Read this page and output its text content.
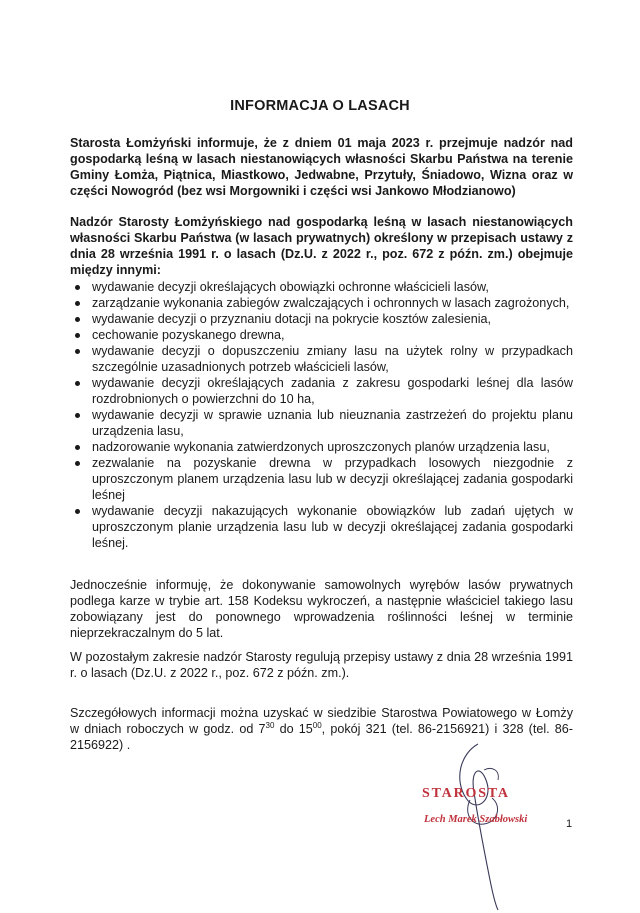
INFORMACJA O LASACH
Starosta Łomżyński informuje, że z dniem 01 maja 2023 r. przejmuje nadzór nad gospodarką leśną w lasach niestanowiących własności Skarbu Państwa na terenie Gminy Łomża, Piątnica, Miastkowo, Jedwabne, Przytuły, Śniadowo, Wizna oraz w części Nowogród (bez wsi Morgowniki i części wsi Jankowo Młodzianowo)
Nadzór Starosty Łomżyńskiego nad gospodarką leśną w lasach niestanowiących własności Skarbu Państwa (w lasach prywatnych) określony w przepisach ustawy z dnia 28 września 1991 r. o lasach (Dz.U. z 2022 r., poz. 672 z późn. zm.) obejmuje między innymi:
wydawanie decyzji określających obowiązki ochronne właścicieli lasów,
zarządzanie wykonania zabiegów zwalczających i ochronnych w lasach zagrożonych,
wydawanie decyzji o przyznaniu dotacji na pokrycie kosztów zalesienia,
cechowanie pozyskanego drewna,
wydawanie decyzji o dopuszczeniu zmiany lasu na użytek rolny w przypadkach szczególnie uzasadnionych potrzeb właścicieli lasów,
wydawanie decyzji określających zadania z zakresu gospodarki leśnej dla lasów rozdrobnionych o powierzchni do 10 ha,
wydawanie decyzji w sprawie uznania lub nieuznania zastrzeżeń do projektu planu urządzenia lasu,
nadzorowanie wykonania zatwierdzonych uproszczonych planów urządzenia lasu,
zezwalanie na pozyskanie drewna w przypadkach losowych niezgodnie z uproszczonym planem urządzenia lasu lub w decyzji określającej zadania gospodarki leśnej
wydawanie decyzji nakazujących wykonanie obowiązków lub zadań ujętych w uproszczonym planie urządzenia lasu lub w decyzji określającej zadania gospodarki leśnej.
Jednocześnie informuję, że dokonywanie samowolnych wyrębów lasów prywatnych podlega karze w trybie art. 158 Kodeksu wykroczeń, a następnie właściciel takiego lasu zobowiązany jest do ponownego wprowadzenia roślinności leśnej w terminie nieprzekraczalnym do 5 lat.
W pozostałym zakresie nadzór Starosty regulują przepisy ustawy z dnia 28 września 1991 r. o lasach (Dz.U. z 2022 r., poz. 672 z późn. zm.).
Szczegółowych informacji można uzyskać w siedzibie Starostwa Powiatowego w Łomży w dniach roboczych w godz. od $7^{30}$ do $15^{00}$, pokój 321 (tel. 86-2156921) i 328 (tel. 86-2156922) .
STAROSTA
Lech Marek Szabłowski	1
